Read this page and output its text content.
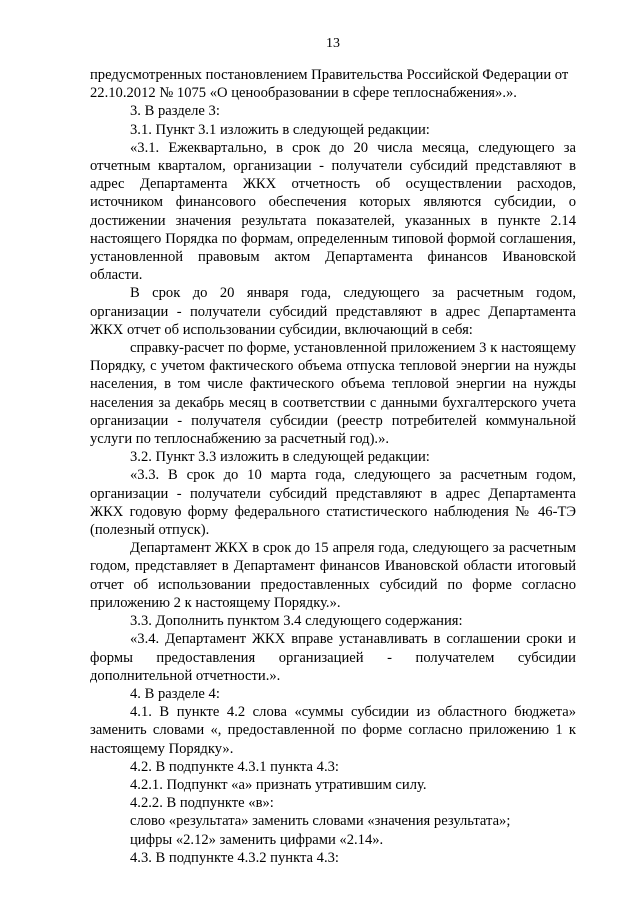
13

предусмотренных постановлением Правительства Российской Федерации от 22.10.2012 № 1075 «О ценообразовании в сфере теплоснабжения».».

3. В разделе 3:

3.1. Пункт 3.1 изложить в следующей редакции:

«3.1. Ежеквартально, в срок до 20 числа месяца, следующего за отчетным кварталом, организации - получатели субсидий представляют в адрес Департамента ЖКХ отчетность об осуществлении расходов, источником финансового обеспечения которых являются субсидии, о достижении значения результата показателей, указанных в пункте 2.14 настоящего Порядка по формам, определенным типовой формой соглашения, установленной правовым актом Департамента финансов Ивановской области.

В срок до 20 января года, следующего за расчетным годом, организации - получатели субсидий представляют в адрес Департамента ЖКХ отчет об использовании субсидии, включающий в себя:

справку-расчет по форме, установленной приложением 3 к настоящему Порядку, с учетом фактического объема отпуска тепловой энергии на нужды населения, в том числе фактического объема тепловой энергии на нужды населения за декабрь месяц в соответствии с данными бухгалтерского учета организации - получателя субсидии (реестр потребителей коммунальной услуги по теплоснабжению за расчетный год).».

3.2. Пункт 3.3 изложить в следующей редакции:

«3.3. В срок до 10 марта года, следующего за расчетным годом, организации - получатели субсидий представляют в адрес Департамента ЖКХ годовую форму федерального статистического наблюдения № 46-ТЭ (полезный отпуск).

Департамент ЖКХ в срок до 15 апреля года, следующего за расчетным годом, представляет в Департамент финансов Ивановской области итоговый отчет об использовании предоставленных субсидий по форме согласно приложению 2 к настоящему Порядку.».

3.3. Дополнить пунктом 3.4 следующего содержания:

«3.4. Департамент ЖКХ вправе устанавливать в соглашении сроки и формы предоставления организацией - получателем субсидии дополнительной отчетности.».

4. В разделе 4:

4.1. В пункте 4.2 слова «суммы субсидии из областного бюджета» заменить словами «, предоставленной по форме согласно приложению 1 к настоящему Порядку».

4.2. В подпункте 4.3.1 пункта 4.3:

4.2.1. Подпункт «а» признать утратившим силу.

4.2.2. В подпункте «в»:

слово «результата» заменить словами «значения результата»;

цифры «2.12» заменить цифрами «2.14».

4.3. В подпункте 4.3.2 пункта 4.3:
